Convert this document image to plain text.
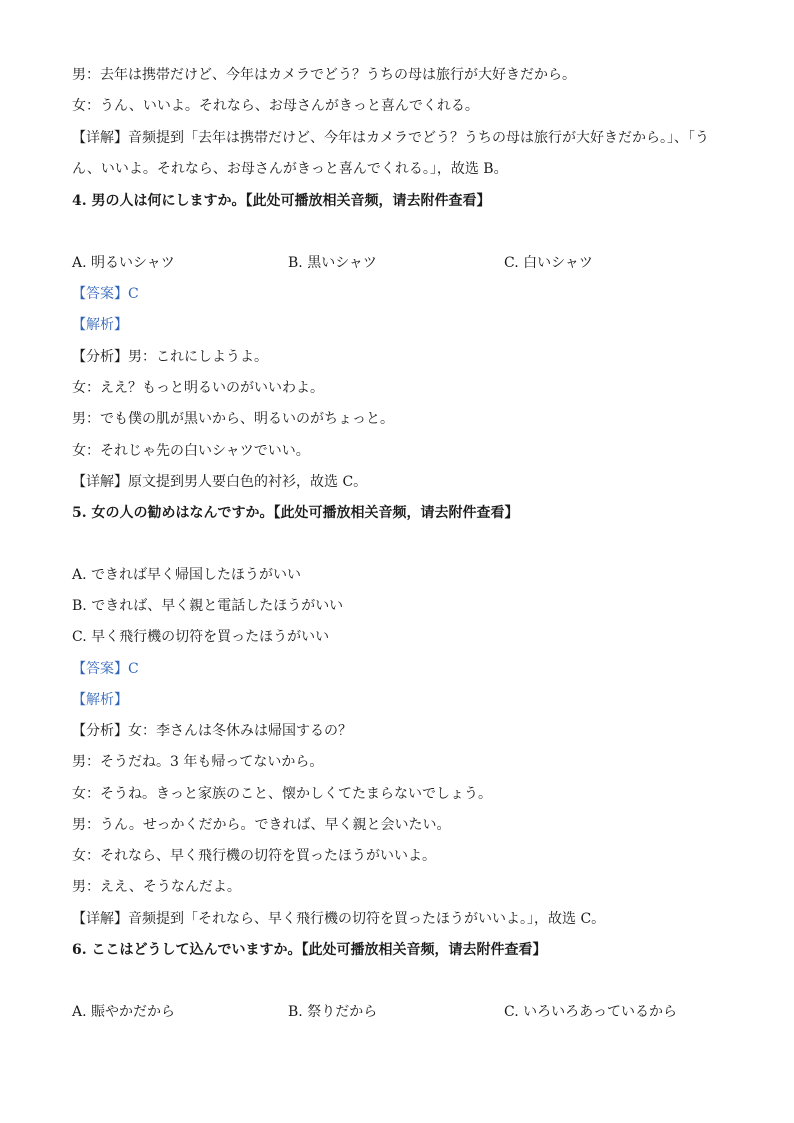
男：去年は携帯だけど、今年はカメラでどう？うちの母は旅行が大好きだから。
女：うん、いいよ。それなら、お母さんがきっと喜んでくれる。
【详解】音频提到「去年は携帯だけど、今年はカメラでどう？うちの母は旅行が大好きだから。」、「う
ん、いいよ。それなら、お母さんがきっと喜んでくれる。」，故选 B。
4. 男の人は何にしますか。【此处可播放相关音频，请去附件查看】
A. 明るいシャツ	B. 黒いシャツ	C. 白いシャツ
【答案】C
【解析】
【分析】男：これにしようよ。
女：ええ？もっと明るいのがいいわよ。
男：でも僕の肌が黒いから、明るいのがちょっと。
女：それじゃ先の白いシャツでいい。
【详解】原文提到男人要白色的衬衫，故选 C。
5. 女の人の勧めはなんですか。【此处可播放相关音频，请去附件查看】
A. できれば早く帰国したほうがいい
B. できれば、早く親と電話したほうがいい
C. 早く飛行機の切符を買ったほうがいい
【答案】C
【解析】
【分析】女：李さんは冬休みは帰国するの？
男：そうだね。3 年も帰ってないから。
女：そうね。きっと家族のこと、懐かしくてたまらないでしょう。
男：うん。せっかくだから。できれば、早く親と会いたい。
女：それなら、早く飛行機の切符を買ったほうがいいよ。
男：ええ、そうなんだよ。
【详解】音频提到「それなら、早く飛行機の切符を買ったほうがいいよ。」，故选 C。
6. ここはどうして込んでいますか。【此处可播放相关音频，请去附件查看】
A. 賑やかだから	B. 祭りだから	C. いろいろあっているから
